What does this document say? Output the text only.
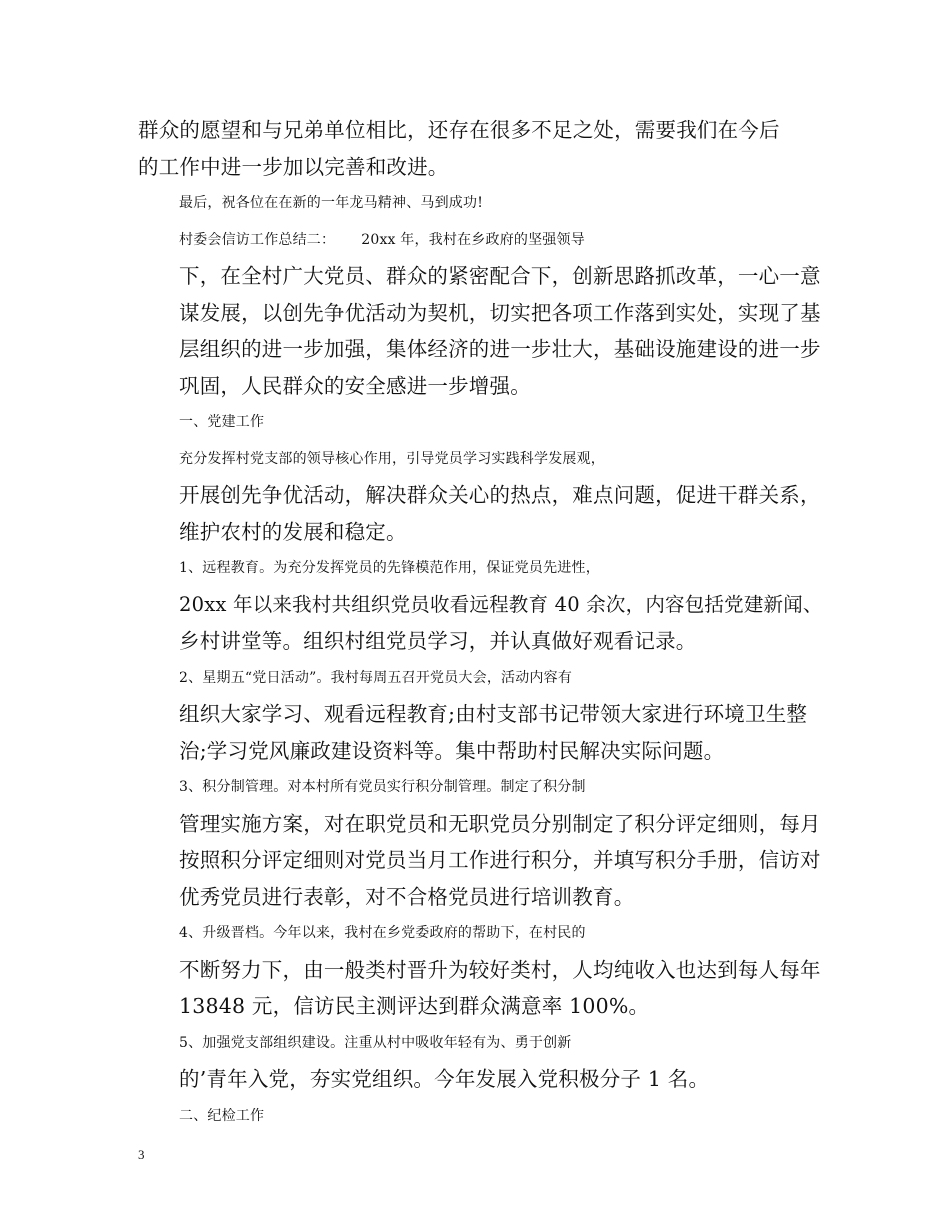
群众的愿望和与兄弟单位相比，还存在很多不足之处，需要我们在今后
的工作中进一步加以完善和改进。

最后，祝各位在在新的一年龙马精神、马到成功!

村委会信访工作总结二：　　 20xx 年，我村在乡政府的坚强领导
下，在全村广大党员、群众的紧密配合下，创新思路抓改革，一心一意
谋发展，以创先争优活动为契机，切实把各项工作落到实处，实现了基
层组织的进一步加强，集体经济的进一步壮大，基础设施建设的进一步
巩固，人民群众的安全感进一步增强。

一、党建工作

充分发挥村党支部的领导核心作用，引导党员学习实践科学发展观，
开展创先争优活动，解决群众关心的热点，难点问题，促进干群关系，
维护农村的发展和稳定。

1、远程教育。为充分发挥党员的先锋模范作用，保证党员先进性，
20xx 年以来我村共组织党员收看远程教育 40 余次，内容包括党建新闻、
乡村讲堂等。组织村组党员学习，并认真做好观看记录。

2、星期五“党日活动”。我村每周五召开党员大会，活动内容有
组织大家学习、观看远程教育;由村支部书记带领大家进行环境卫生整
治;学习党风廉政建设资料等。集中帮助村民解决实际问题。

3、积分制管理。对本村所有党员实行积分制管理。制定了积分制
管理实施方案，对在职党员和无职党员分别制定了积分评定细则，每月
按照积分评定细则对党员当月工作进行积分，并填写积分手册，信访对
优秀党员进行表彰，对不合格党员进行培训教育。

4、升级晋档。今年以来，我村在乡党委政府的帮助下，在村民的
不断努力下，由一般类村晋升为较好类村，人均纯收入也达到每人每年
13848 元，信访民主测评达到群众满意率 100%。

5、加强党支部组织建设。注重从村中吸收年轻有为、勇于创新
的’青年入党，夯实党组织。今年发展入党积极分子 1 名。

二、纪检工作

3
